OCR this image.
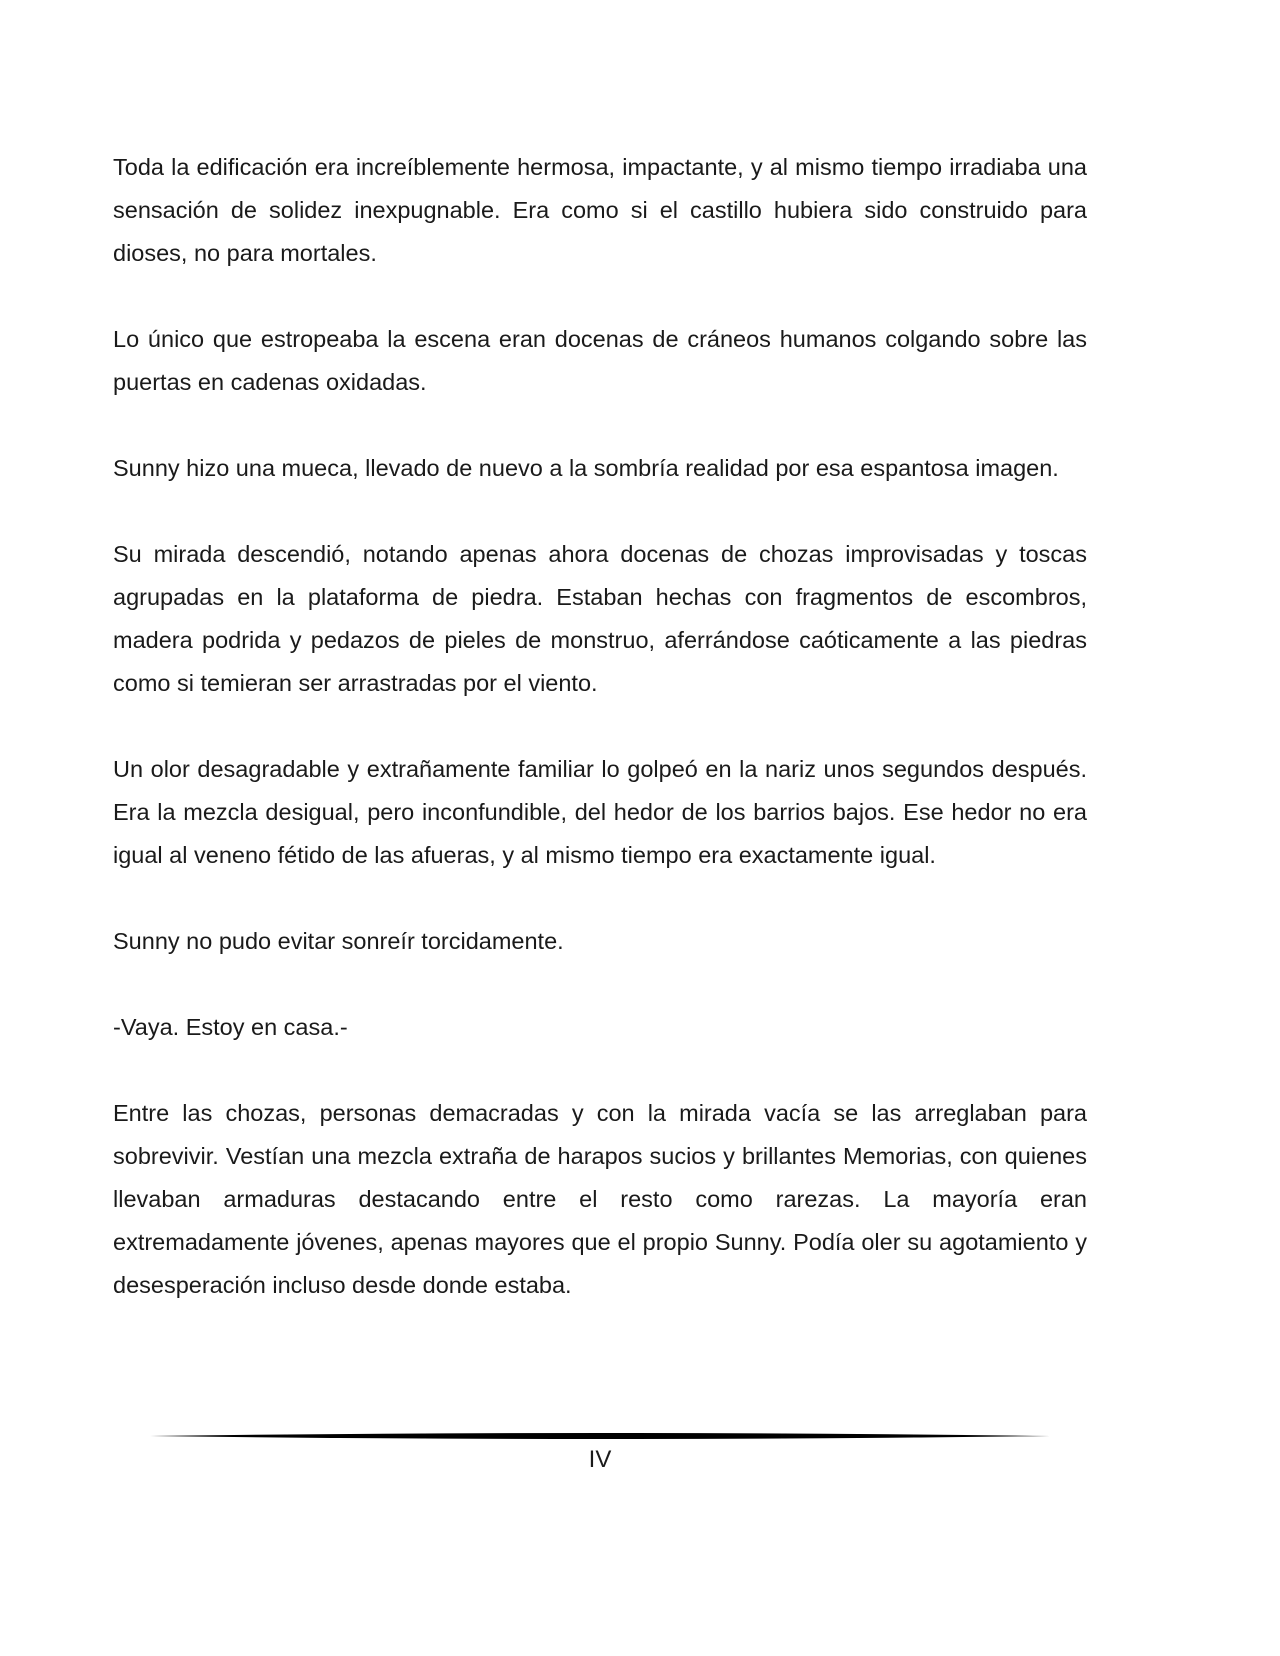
Toda la edificación era increíblemente hermosa, impactante, y al mismo tiempo irradiaba una sensación de solidez inexpugnable. Era como si el castillo hubiera sido construido para dioses, no para mortales.

Lo único que estropeaba la escena eran docenas de cráneos humanos colgando sobre las puertas en cadenas oxidadas.

Sunny hizo una mueca, llevado de nuevo a la sombría realidad por esa espantosa imagen.

Su mirada descendió, notando apenas ahora docenas de chozas improvisadas y toscas agrupadas en la plataforma de piedra. Estaban hechas con fragmentos de escombros, madera podrida y pedazos de pieles de monstruo, aferrándose caóticamente a las piedras como si temieran ser arrastradas por el viento.

Un olor desagradable y extrañamente familiar lo golpeó en la nariz unos segundos después. Era la mezcla desigual, pero inconfundible, del hedor de los barrios bajos. Ese hedor no era igual al veneno fétido de las afueras, y al mismo tiempo era exactamente igual.

Sunny no pudo evitar sonreír torcidamente.

-Vaya. Estoy en casa.-

Entre las chozas, personas demacradas y con la mirada vacía se las arreglaban para sobrevivir. Vestían una mezcla extraña de harapos sucios y brillantes Memorias, con quienes llevaban armaduras destacando entre el resto como rarezas. La mayoría eran extremadamente jóvenes, apenas mayores que el propio Sunny. Podía oler su agotamiento y desesperación incluso desde donde estaba.

IV
